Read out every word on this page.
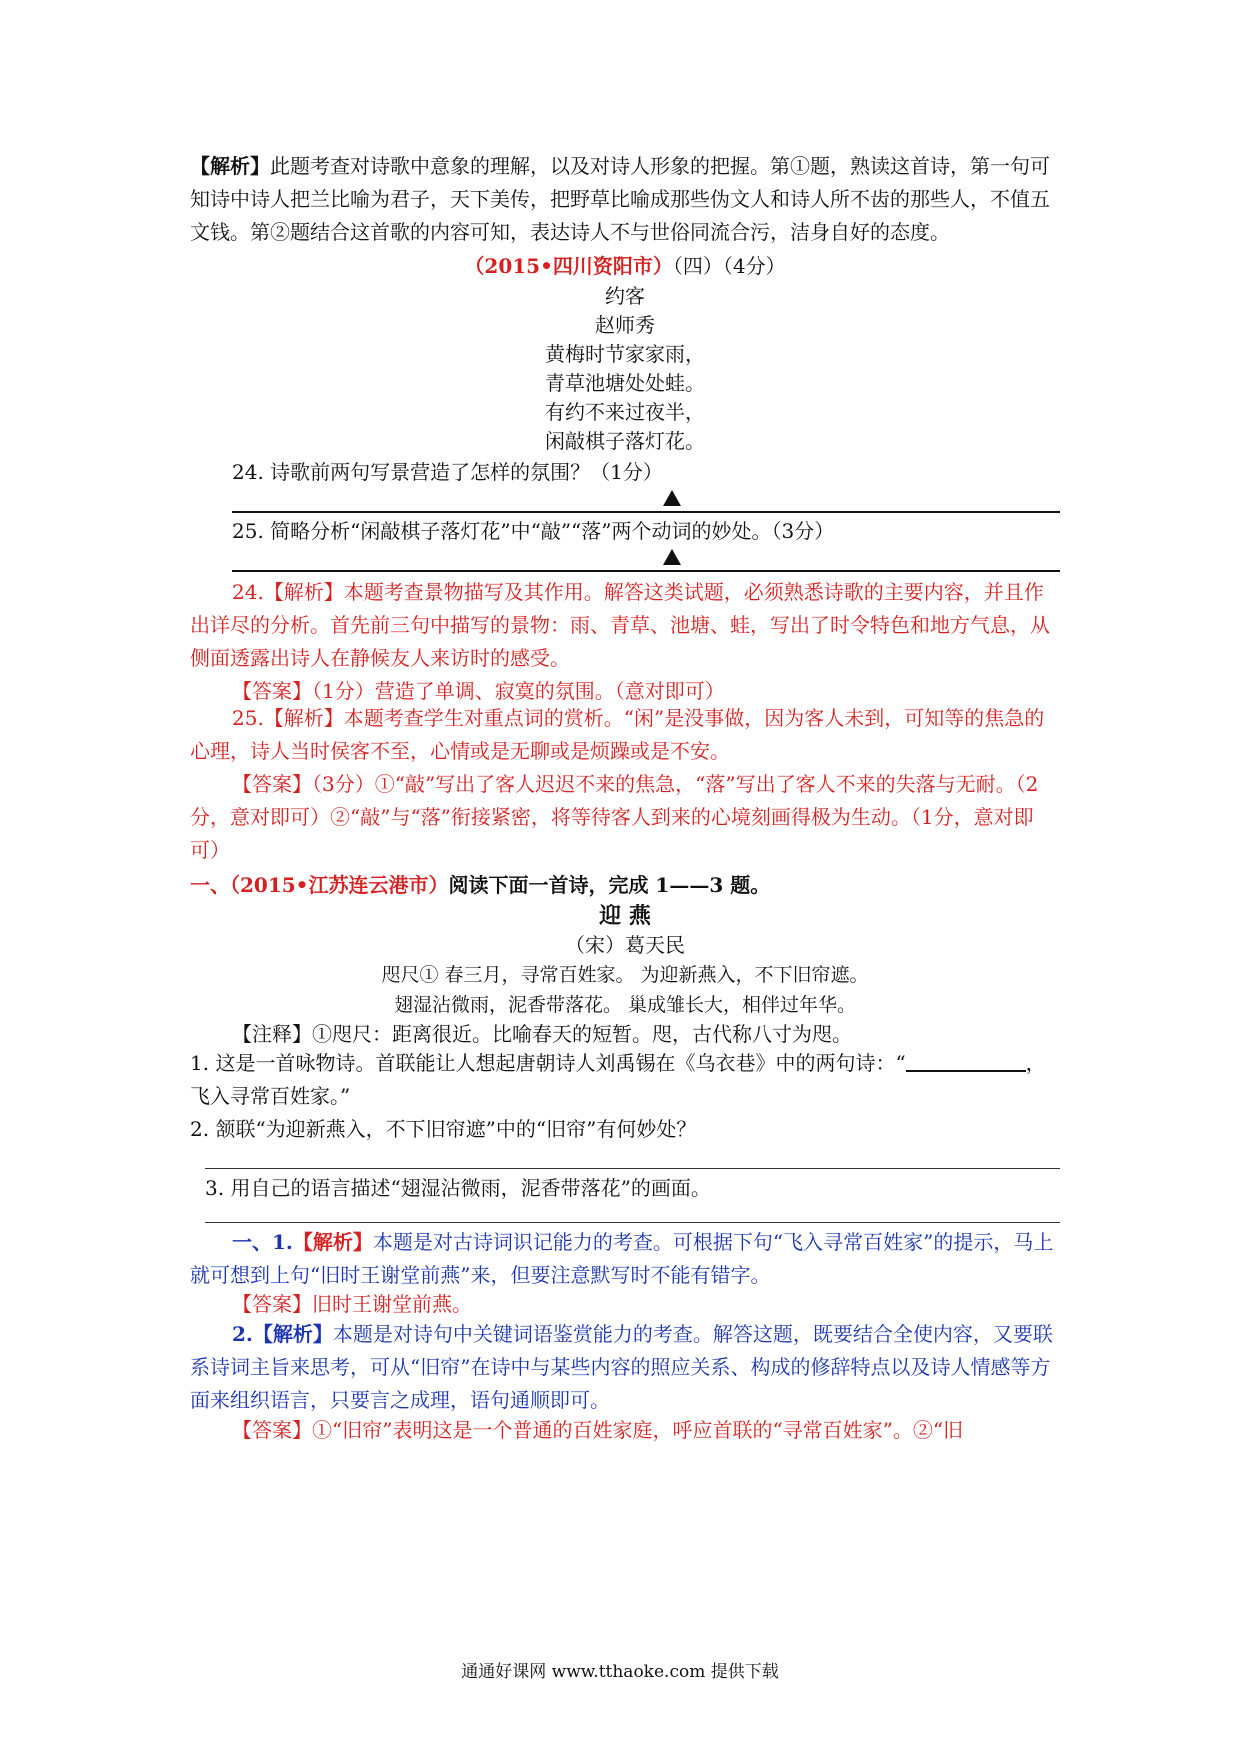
【解析】此题考查对诗歌中意象的理解，以及对诗人形象的把握。第①题，熟读这首诗，第一句可知诗中诗人把兰比喻为君子，天下美传，把野草比喻成那些伪文人和诗人所不齿的那些人，不值五文钱。第②题结合这首歌的内容可知，表达诗人不与世俗同流合污，洁身自好的态度。
（2015•四川资阳市）（四）（4分）
约客
赵师秀
黄梅时节家家雨，
青草池塘处处蛙。
有约不来过夜半，
闲敲棋子落灯花。
24. 诗歌前两句写景营造了怎样的氛围？（1分）
25. 简略分析“闲敲棋子落灯花”中“敲”“落”两个动词的妙处。（3分）
24.【解析】本题考查景物描写及其作用。解答这类试题，必须熟悉诗歌的主要内容，并且作出详尽的分析。首先前三句中描写的景物：雨、青草、池塘、蛙，写出了时令特色和地方气息，从侧面透露出诗人在静候友人来访时的感受。
【答案】（1分）营造了单调、寂寞的氛围。（意对即可）
25.【解析】本题考查学生对重点词的赏析。“闲”是没事做，因为客人未到，可知等的焦急的心理，诗人当时侯客不至，心情或是无聊或是烦躁或是不安。
【答案】（3分）①“敲”写出了客人迟迟不来的焦急，“落”写出了客人不来的失落与无耐。（2分，意对即可）②“敲”与“落”衔接紧密，将等待客人到来的心境刻画得极为生动。（1分，意对即可）
一、（2015•江苏连云港市）阅读下面一首诗，完成 1——3 题。
迎 燕
（宋）葛天民
咫尺① 春三月，寻常百姓家。 为迎新燕入，不下旧帘遮。
翅湿沾微雨，泥香带落花。 巢成雏长大，相伴过年华。
【注释】①咫尺：距离很近。比喻春天的短暂。咫，古代称八寸为咫。
1. 这是一首咏物诗。首联能让人想起唐朝诗人刘禹锡在《乌衣巷》中的两句诗：“	，
飞入寻常百姓家。”
2. 颔联“为迎新燕入，不下旧帘遮”中的“旧帘”有何妙处？
3. 用自己的语言描述“翅湿沾微雨，泥香带落花”的画面。
一、1.【解析】本题是对古诗词识记能力的考查。可根据下句“飞入寻常百姓家”的提示，马上就可想到上句“旧时王谢堂前燕”来，但要注意默写时不能有错字。
【答案】旧时王谢堂前燕。
2.【解析】本题是对诗句中关键词语鉴赏能力的考查。解答这题，既要结合全使内容，又要联系诗词主旨来思考，可从“旧帘”在诗中与某些内容的照应关系、构成的修辞特点以及诗人情感等方面来组织语言，只要言之成理，语句通顺即可。
【答案】①“旧帘”表明这是一个普通的百姓家庭，呼应首联的“寻常百姓家”。②“旧
通通好课网 www.tthaoke.com 提供下载
